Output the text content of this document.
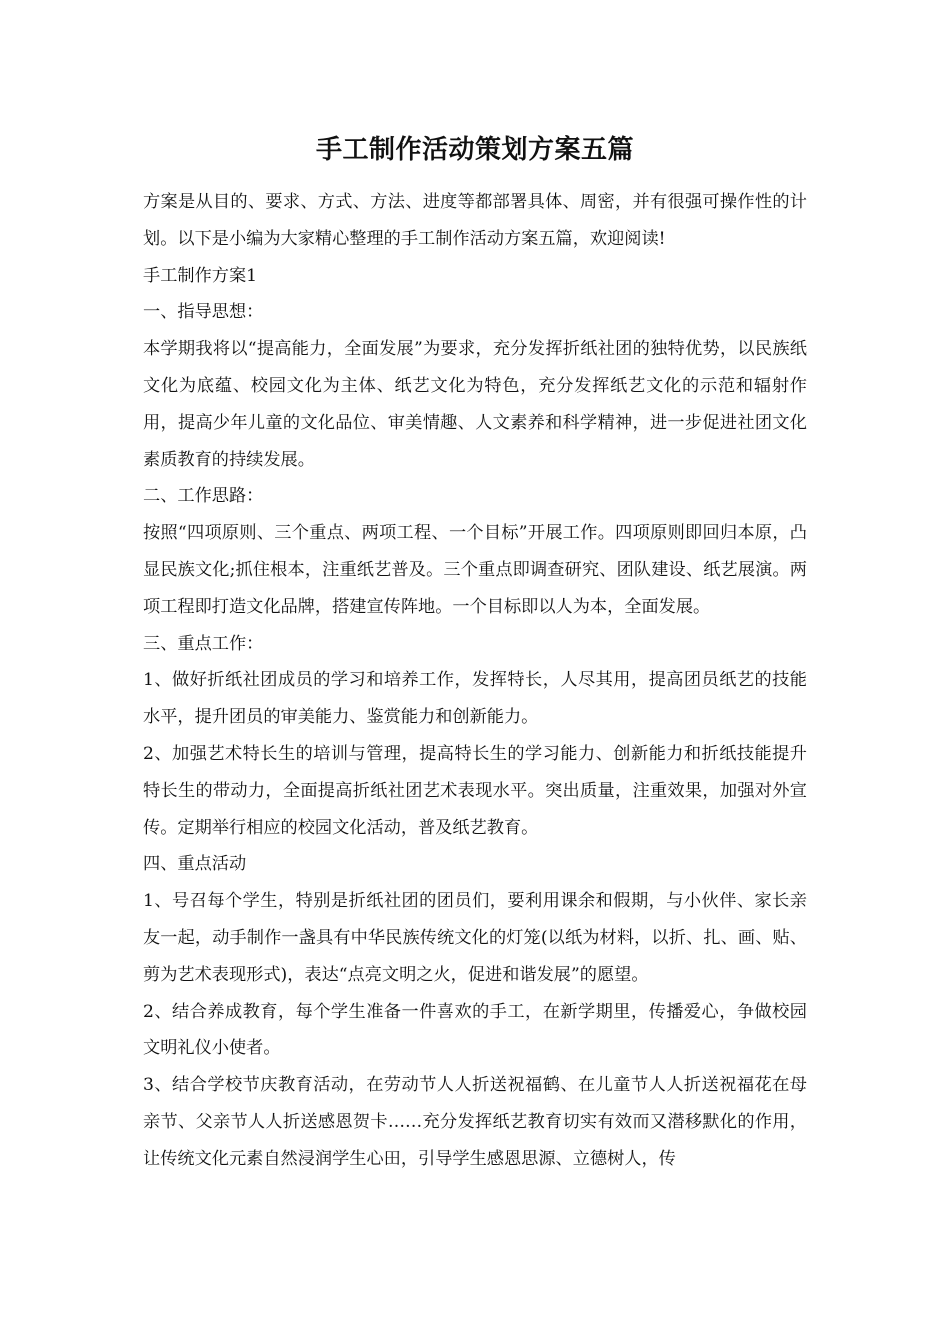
手工制作活动策划方案五篇

方案是从目的、要求、方式、方法、进度等都部署具体、周密，并有很强可操作性的计划。以下是小编为大家精心整理的手工制作活动方案五篇，欢迎阅读!

手工制作方案1

一、指导思想：

本学期我将以“提高能力，全面发展”为要求，充分发挥折纸社团的独特优势，以民族纸文化为底蕴、校园文化为主体、纸艺文化为特色，充分发挥纸艺文化的示范和辐射作用，提高少年儿童的文化品位、审美情趣、人文素养和科学精神，进一步促进社团文化素质教育的持续发展。

二、工作思路：

按照“四项原则、三个重点、两项工程、一个目标”开展工作。四项原则即回归本原，凸显民族文化;抓住根本，注重纸艺普及。三个重点即调查研究、团队建设、纸艺展演。两项工程即打造文化品牌，搭建宣传阵地。一个目标即以人为本，全面发展。

三、重点工作：

1、做好折纸社团成员的学习和培养工作，发挥特长，人尽其用，提高团员纸艺的技能水平，提升团员的审美能力、鉴赏能力和创新能力。

2、加强艺术特长生的培训与管理，提高特长生的学习能力、创新能力和折纸技能提升特长生的带动力，全面提高折纸社团艺术表现水平。突出质量，注重效果，加强对外宣传。定期举行相应的校园文化活动，普及纸艺教育。

四、重点活动

1、号召每个学生，特别是折纸社团的团员们，要利用课余和假期，与小伙伴、家长亲友一起，动手制作一盏具有中华民族传统文化的灯笼(以纸为材料，以折、扎、画、贴、剪为艺术表现形式)，表达“点亮文明之火，促进和谐发展”的愿望。

2、结合养成教育，每个学生准备一件喜欢的手工，在新学期里，传播爱心，争做校园文明礼仪小使者。

3、结合学校节庆教育活动，在劳动节人人折送祝福鹤、在儿童节人人折送祝福花在母亲节、父亲节人人折送感恩贺卡……充分发挥纸艺教育切实有效而又潜移默化的作用，让传统文化元素自然浸润学生心田，引导学生感恩思源、立德树人，传
